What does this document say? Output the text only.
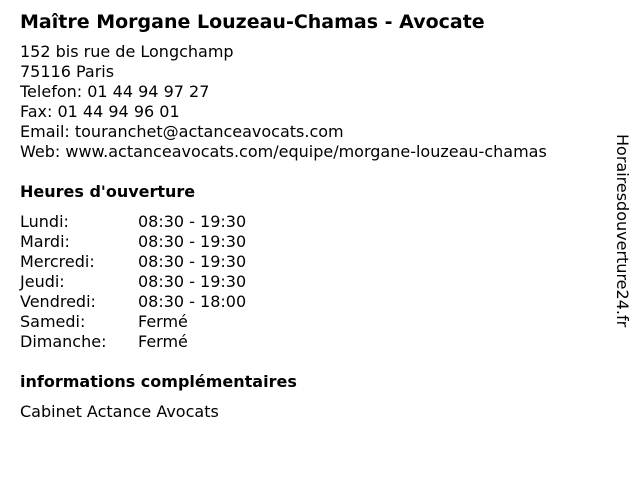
Maître Morgane Louzeau-Chamas - Avocate
152 bis rue de Longchamp
75116 Paris
Telefon: 01 44 94 97 27
Fax: 01 44 94 96 01
Email: touranchet@actanceavocats.com
Web: www.actanceavocats.com/equipe/morgane-louzeau-chamas
Heures d'ouverture
Lundi:	08:30 - 19:30
Mardi:	08:30 - 19:30
Mercredi:	08:30 - 19:30
Jeudi:	08:30 - 19:30
Vendredi:	08:30 - 18:00
Samedi:	Fermé
Dimanche:	Fermé
informations complémentaires
Cabinet Actance Avocats
Horairesdouverture24.fr
